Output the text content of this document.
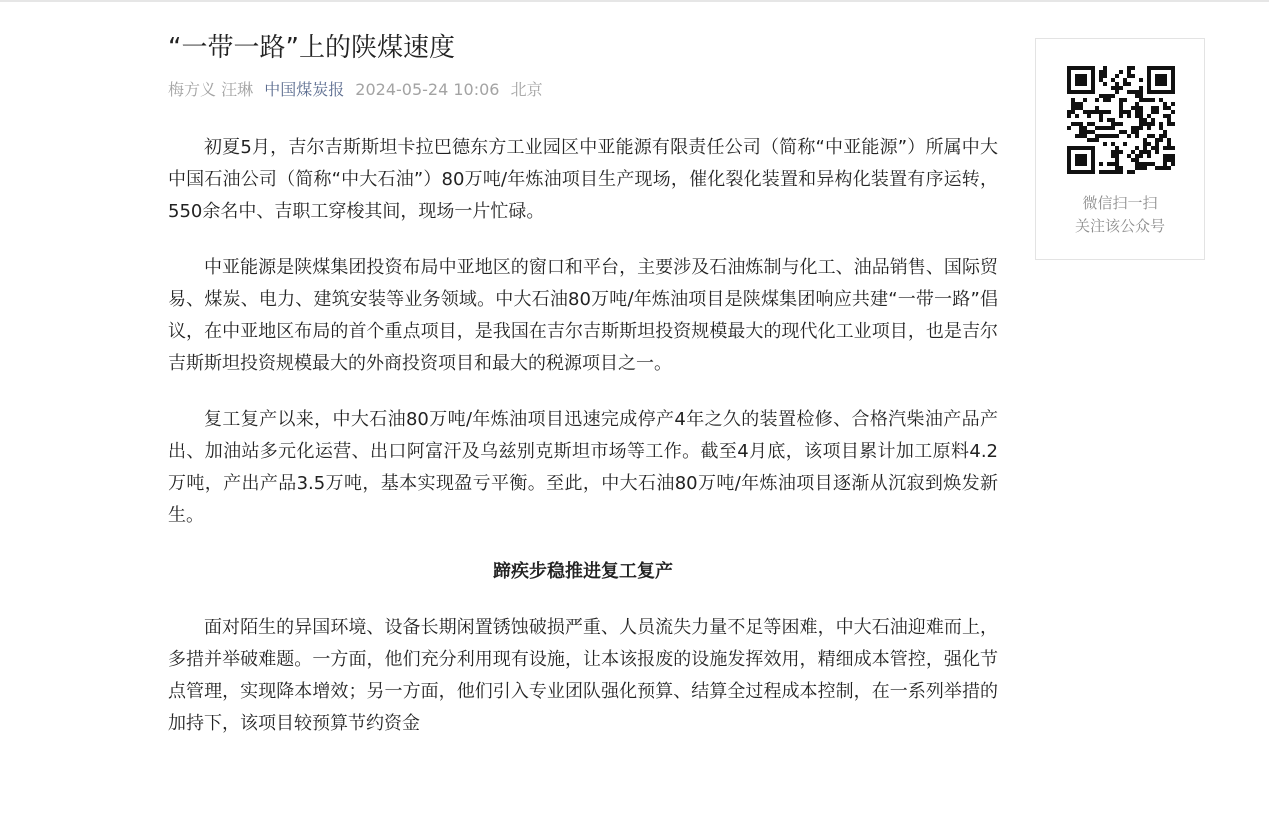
“一带一路”上的陕煤速度
梅方义 汪琳 中国煤炭报 2024-05-24 10:06 北京

初夏5月，吉尔吉斯斯坦卡拉巴德东方工业园区中亚能源有限责任公司（简称“中亚能源”）所属中大中国石油公司（简称“中大石油”）80万吨/年炼油项目生产现场，催化裂化装置和异构化装置有序运转，550余名中、吉职工穿梭其间，现场一片忙碌。

中亚能源是陕煤集团投资布局中亚地区的窗口和平台，主要涉及石油炼制与化工、油品销售、国际贸易、煤炭、电力、建筑安装等业务领域。中大石油80万吨/年炼油项目是陕煤集团响应共建“一带一路”倡议，在中亚地区布局的首个重点项目，是我国在吉尔吉斯斯坦投资规模最大的现代化工业项目，也是吉尔吉斯斯坦投资规模最大的外商投资项目和最大的税源项目之一。

复工复产以来，中大石油80万吨/年炼油项目迅速完成停产4年之久的装置检修、合格汽柴油产品产出、加油站多元化运营、出口阿富汗及乌兹别克斯坦市场等工作。截至4月底，该项目累计加工原料4.2万吨，产出产品3.5万吨，基本实现盈亏平衡。至此，中大石油80万吨/年炼油项目逐渐从沉寂到焕发新生。

蹄疾步稳推进复工复产

面对陌生的异国环境、设备长期闲置锈蚀破损严重、人员流失力量不足等困难，中大石油迎难而上，多措并举破难题。一方面，他们充分利用现有设施，让本该报废的设施发挥效用，精细成本管控，强化节点管理，实现降本增效；另一方面，他们引入专业团队强化预算、结算全过程成本控制，在一系列举措的加持下，该项目较预算节约资金

微信扫一扫
关注该公众号
